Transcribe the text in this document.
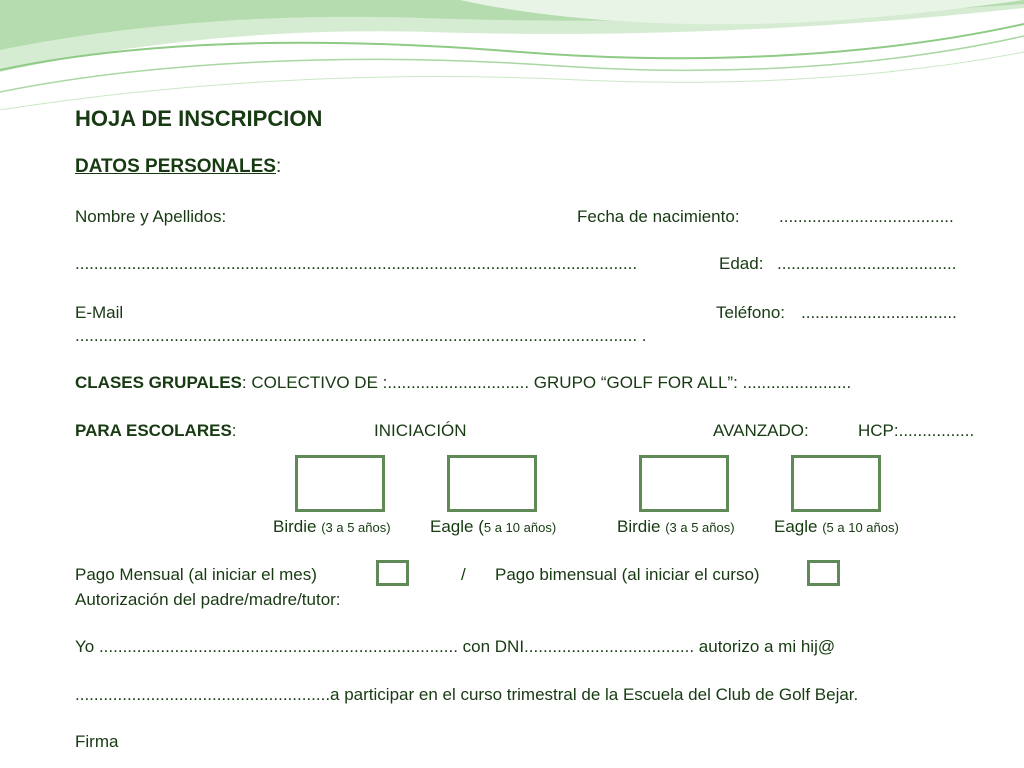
HOJA DE INSCRIPCION
DATOS PERSONALES:
Nombre y Apellidos:	Fecha de nacimiento: .....................................
.......................................................................................................................	Edad: ......................................
E-Mail	Teléfono: .................................
....................................................................................................................... .
CLASES GRUPALES: COLECTIVO DE :.............................. GRUPO “GOLF FOR ALL”: .......................
PARA ESCOLARES:	INICIACIÓN	AVANZADO:	HCP:................
Birdie (3 a 5 años) Eagle (5 a 10 años)	Birdie (3 a 5 años) Eagle (5 a 10 años)
Pago Mensual (al iniciar el mes)	/ Pago bimensual (al iniciar el curso)
Autorización del padre/madre/tutor:
Yo ............................................................................ con DNI.................................... autorizo a mi hij@
......................................................a participar en el curso trimestral de la Escuela del Club de Golf Bejar.
Firma
